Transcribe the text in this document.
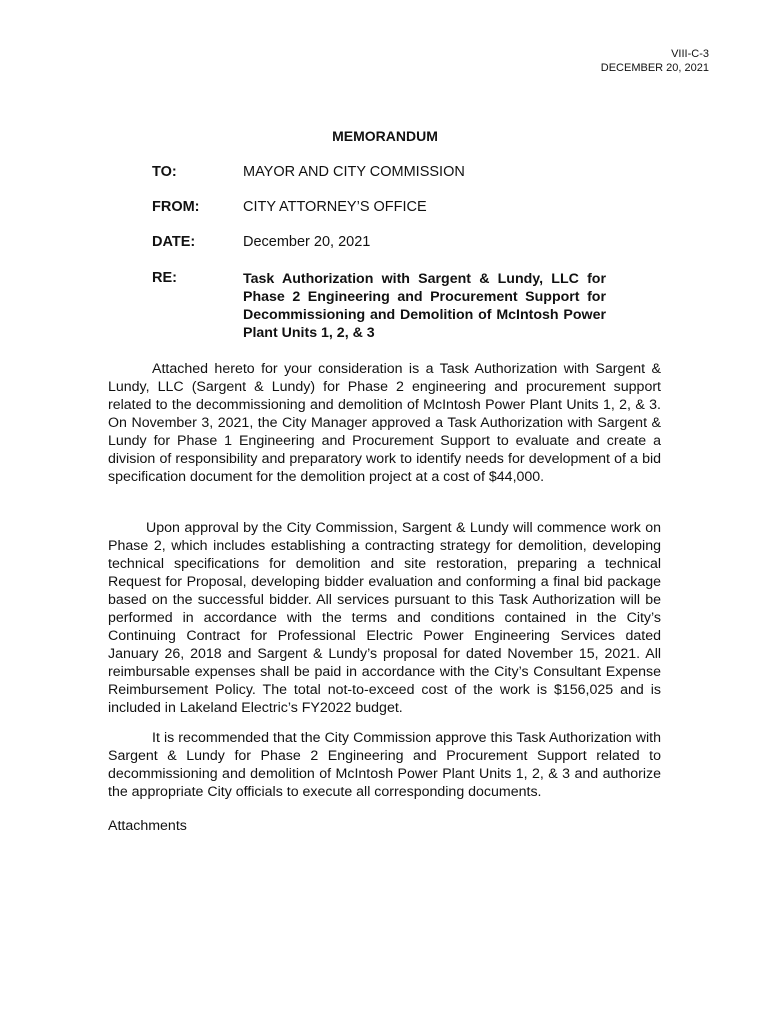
VIII-C-3
DECEMBER 20, 2021
MEMORANDUM
TO:	MAYOR AND CITY COMMISSION
FROM:	CITY ATTORNEY’S OFFICE
DATE:	December 20, 2021
RE:	Task Authorization with Sargent & Lundy, LLC for Phase 2 Engineering and Procurement Support for Decommissioning and Demolition of McIntosh Power Plant Units 1, 2, & 3
Attached hereto for your consideration is a Task Authorization with Sargent & Lundy, LLC (Sargent & Lundy) for Phase 2 engineering and procurement support related to the decommissioning and demolition of McIntosh Power Plant Units 1, 2, & 3. On November 3, 2021, the City Manager approved a Task Authorization with Sargent & Lundy for Phase 1 Engineering and Procurement Support to evaluate and create a division of responsibility and preparatory work to identify needs for development of a bid specification document for the demolition project at a cost of $44,000.
Upon approval by the City Commission, Sargent & Lundy will commence work on Phase 2, which includes establishing a contracting strategy for demolition, developing technical specifications for demolition and site restoration, preparing a technical Request for Proposal, developing bidder evaluation and conforming a final bid package based on the successful bidder. All services pursuant to this Task Authorization will be performed in accordance with the terms and conditions contained in the City’s Continuing Contract for Professional Electric Power Engineering Services dated January 26, 2018 and Sargent & Lundy’s proposal for dated November 15, 2021. All reimbursable expenses shall be paid in accordance with the City’s Consultant Expense Reimbursement Policy. The total not-to-exceed cost of the work is $156,025 and is included in Lakeland Electric’s FY2022 budget.
It is recommended that the City Commission approve this Task Authorization with Sargent & Lundy for Phase 2 Engineering and Procurement Support related to decommissioning and demolition of McIntosh Power Plant Units 1, 2, & 3 and authorize the appropriate City officials to execute all corresponding documents.
Attachments
